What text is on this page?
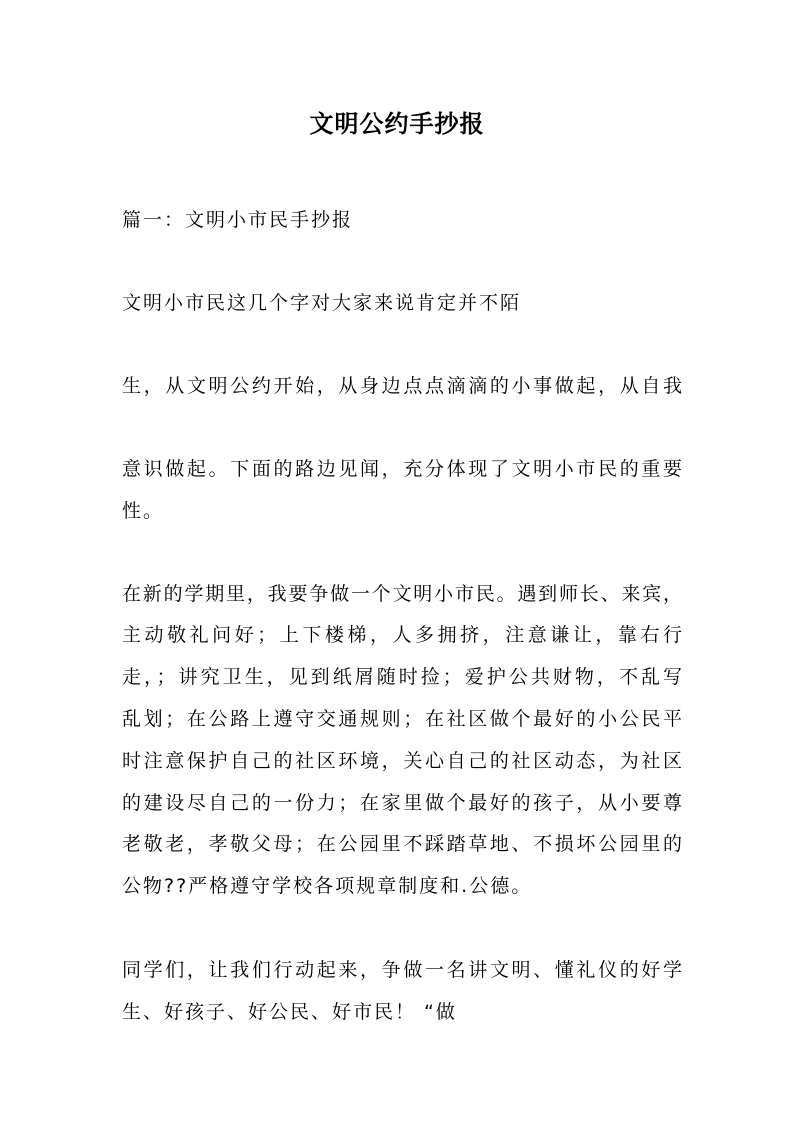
文明公约手抄报
篇一：文明小市民手抄报
文明小市民这几个字对大家来说肯定并不陌
生，从文明公约开始，从身边点点滴滴的小事做起，从自我
意识做起。下面的路边见闻，充分体现了文明小市民的重要
性。
在新的学期里，我要争做一个文明小市民。遇到师长、来宾，
主动敬礼问好；上下楼梯，人多拥挤，注意谦让，靠右行
走，；讲究卫生，见到纸屑随时捡；爱护公共财物，不乱写
乱划；在公路上遵守交通规则；在社区做个最好的小公民平
时注意保护自己的社区环境，关心自己的社区动态，为社区
的建设尽自己的一份力；在家里做个最好的孩子，从小要尊
老敬老，孝敬父母；在公园里不踩踏草地、不损坏公园里的
公物??严格遵守学校各项规章制度和.公德。
同学们，让我们行动起来，争做一名讲文明、懂礼仪的好学
生、好孩子、好公民、好市民！ “做
